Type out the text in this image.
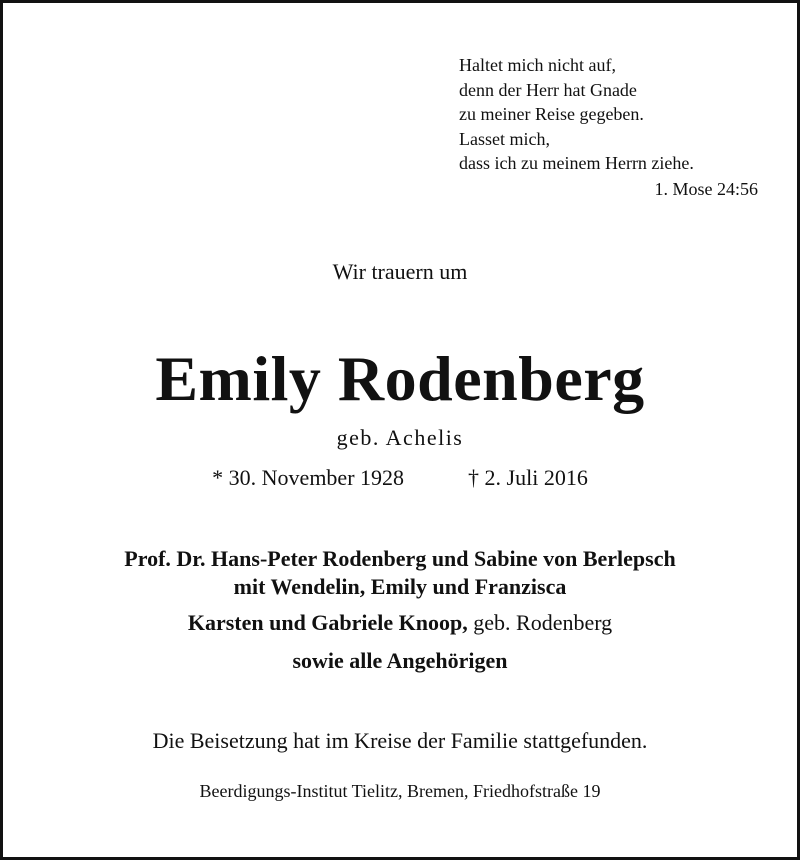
Haltet mich nicht auf,
denn der Herr hat Gnade
zu meiner Reise gegeben.
Lasset mich,
dass ich zu meinem Herrn ziehe.
1. Mose 24:56
Wir trauern um
Emily Rodenberg
geb. Achelis
* 30. November 1928	† 2. Juli 2016
Prof. Dr. Hans-Peter Rodenberg und Sabine von Berlepsch
mit Wendelin, Emily und Franzisca
Karsten und Gabriele Knoop, geb. Rodenberg
sowie alle Angehörigen
Die Beisetzung hat im Kreise der Familie stattgefunden.
Beerdigungs-Institut Tielitz, Bremen, Friedhofstraße 19
